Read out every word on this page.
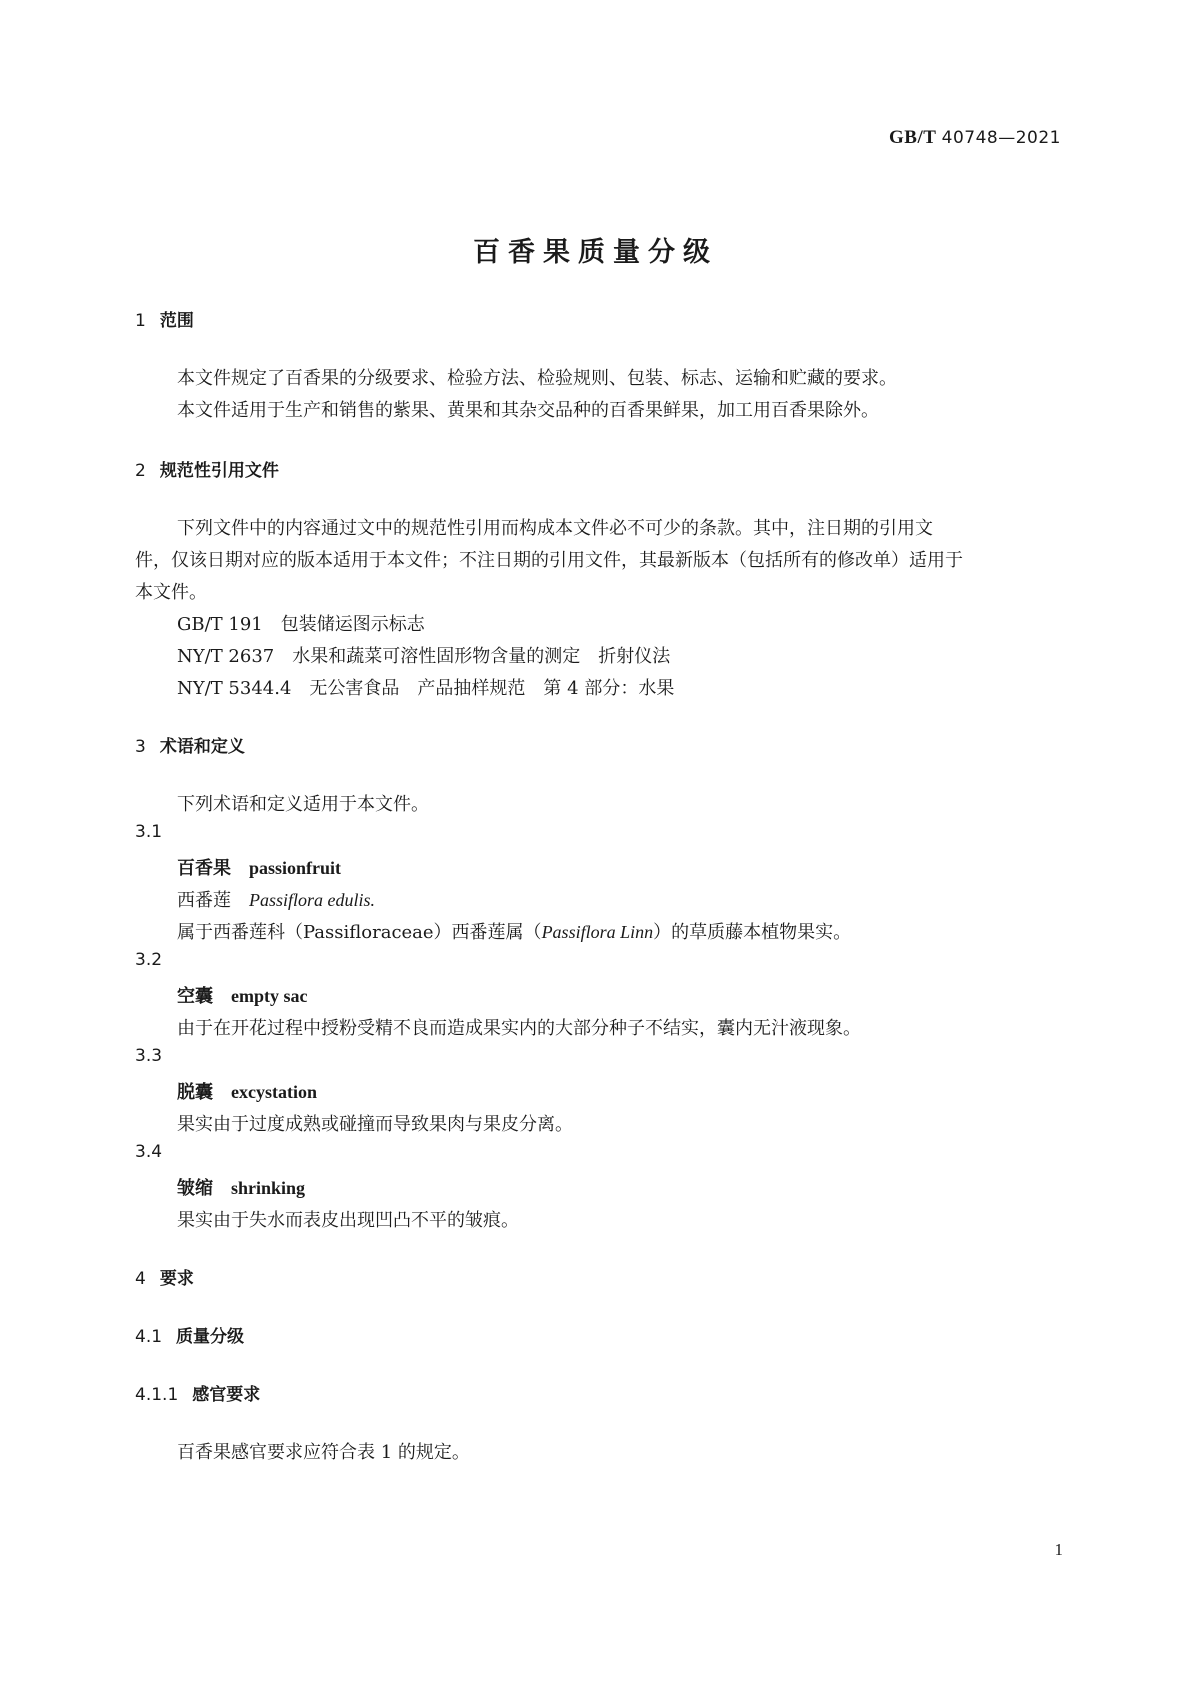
GB/T 40748—2021
百香果质量分级
1 范围
本文件规定了百香果的分级要求、检验方法、检验规则、包装、标志、运输和贮藏的要求。
本文件适用于生产和销售的紫果、黄果和其杂交品种的百香果鲜果，加工用百香果除外。
2 规范性引用文件
下列文件中的内容通过文中的规范性引用而构成本文件必不可少的条款。其中，注日期的引用文
件，仅该日期对应的版本适用于本文件；不注日期的引用文件，其最新版本（包括所有的修改单）适用于
本文件。
GB/T 191 包装储运图示标志
NY/T 2637 水果和蔬菜可溶性固形物含量的测定　折射仪法
NY/T 5344.4 无公害食品　产品抽样规范　第 4 部分：水果
3 术语和定义
下列术语和定义适用于本文件。
3.1
百香果 passionfruit
西番莲 Passiflora edulis.
属于西番莲科（Passifloraceae）西番莲属（Passiflora Linn）的草质藤本植物果实。
3.2
空囊 empty sac
由于在开花过程中授粉受精不良而造成果实内的大部分种子不结实，囊内无汁液现象。
3.3
脱囊 excystation
果实由于过度成熟或碰撞而导致果肉与果皮分离。
3.4
皱缩 shrinking
果实由于失水而表皮出现凹凸不平的皱痕。
4 要求
4.1 质量分级
4.1.1 感官要求
百香果感官要求应符合表 1 的规定。
1
